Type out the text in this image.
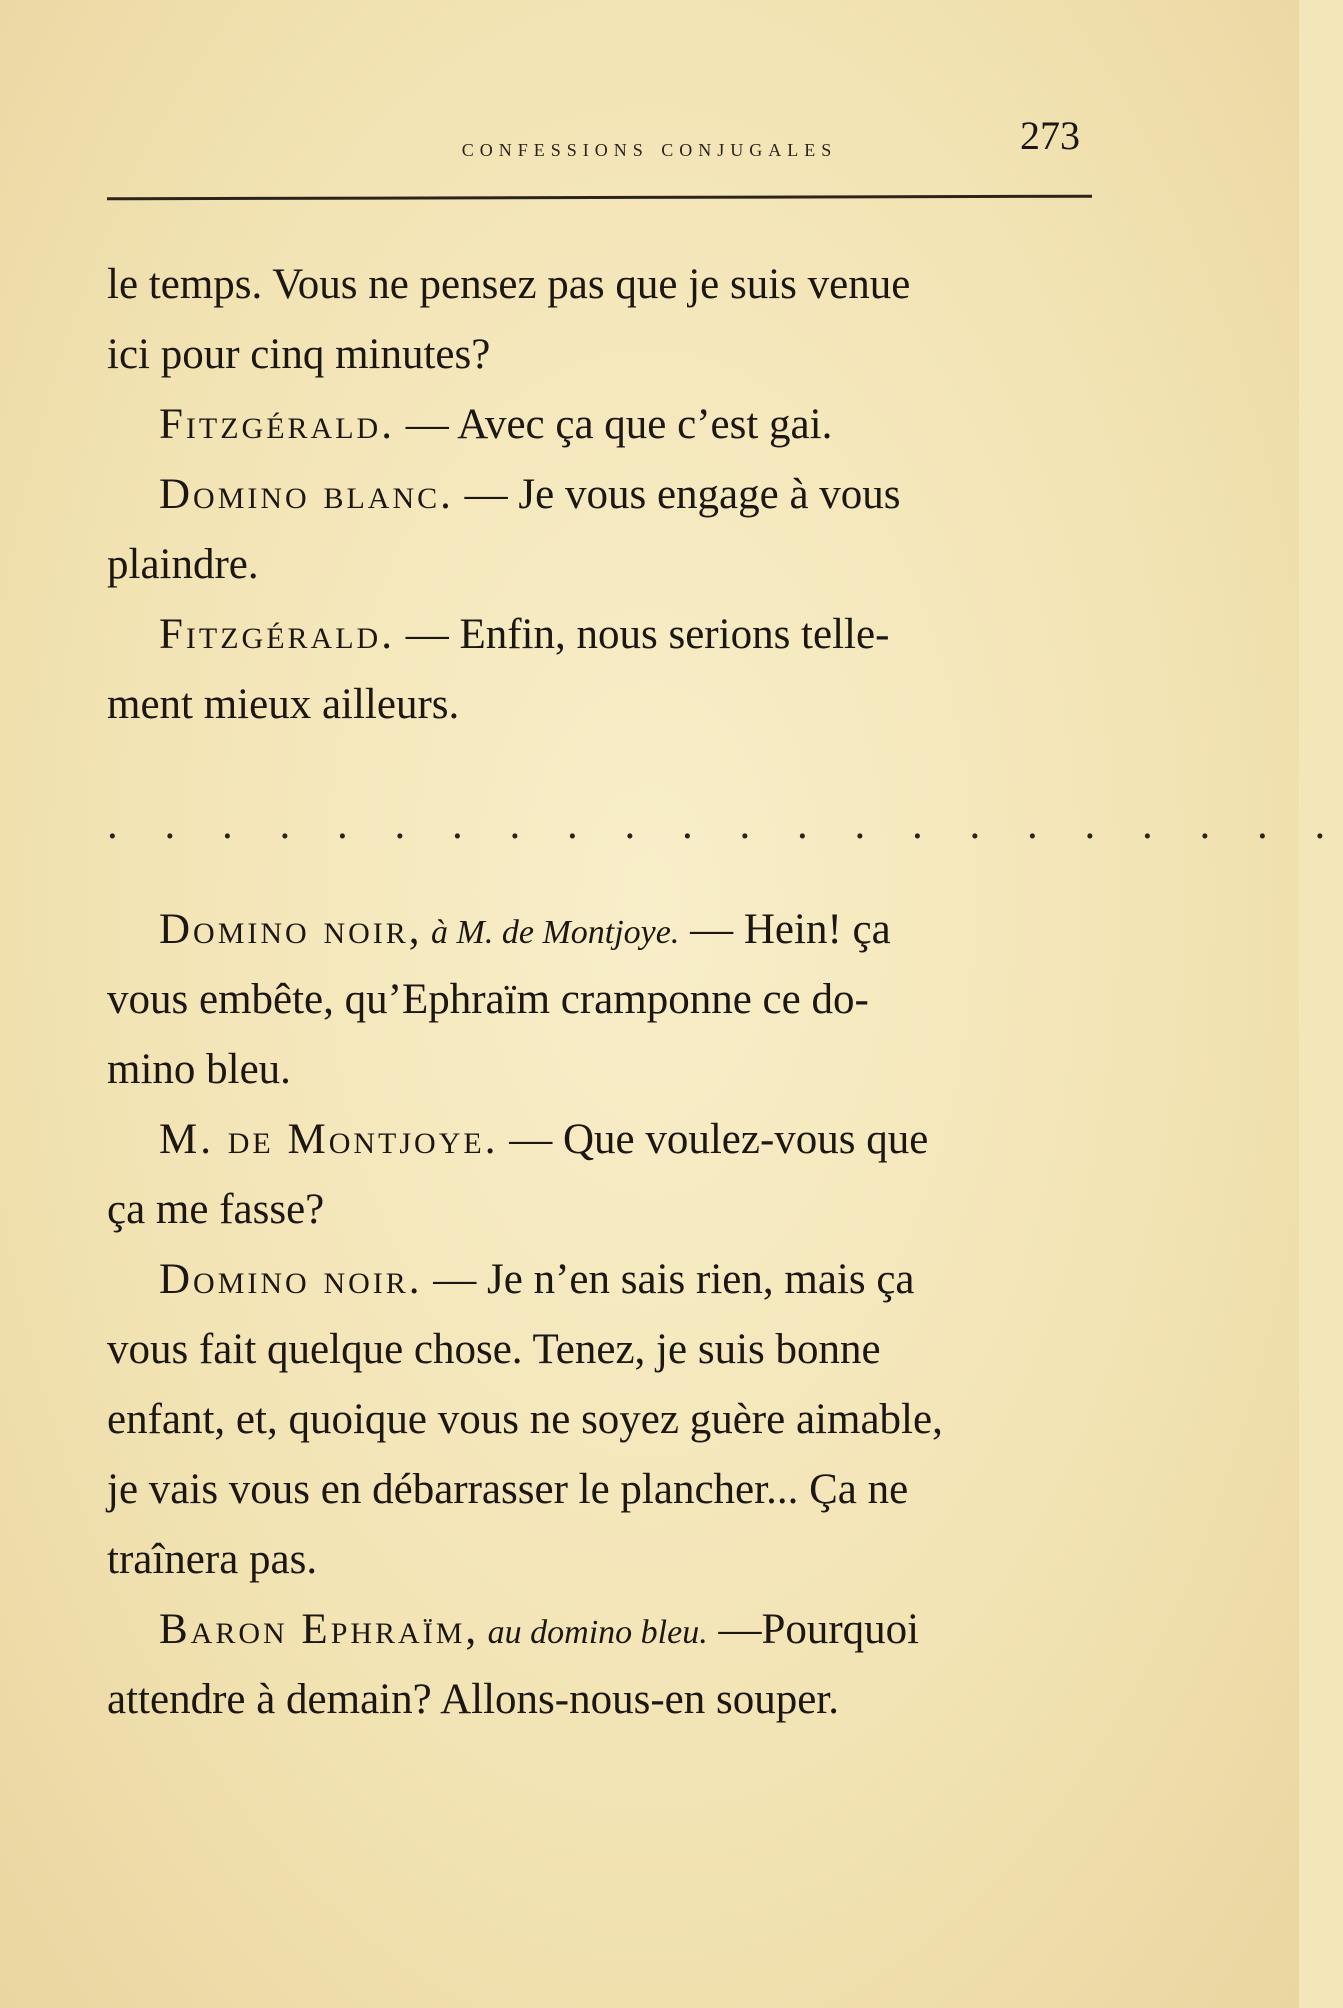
confessions conjugales	273
le temps. Vous ne pensez pas que je suis venue
ici pour cinq minutes?
Fitzgérald. — Avec ça que c’est gai.
Domino blanc. — Je vous engage à vous
plaindre.
Fitzgérald. — Enfin, nous serions telle-
ment mieux ailleurs.
. . . . . . . . . . . . . . . . . . . . . .
Domino noir, à M. de Montjoye. — Hein! ça
vous embête, qu’Ephraïm cramponne ce do-
mino bleu.
M. de Montjoye. — Que voulez-vous que
ça me fasse?
Domino noir. — Je n’en sais rien, mais ça
vous fait quelque chose. Tenez, je suis bonne
enfant, et, quoique vous ne soyez guère aimable,
je vais vous en débarrasser le plancher... Ça ne
traînera pas.
Baron Ephraïm, au domino bleu. —Pourquoi
attendre à demain? Allons-nous-en souper.
